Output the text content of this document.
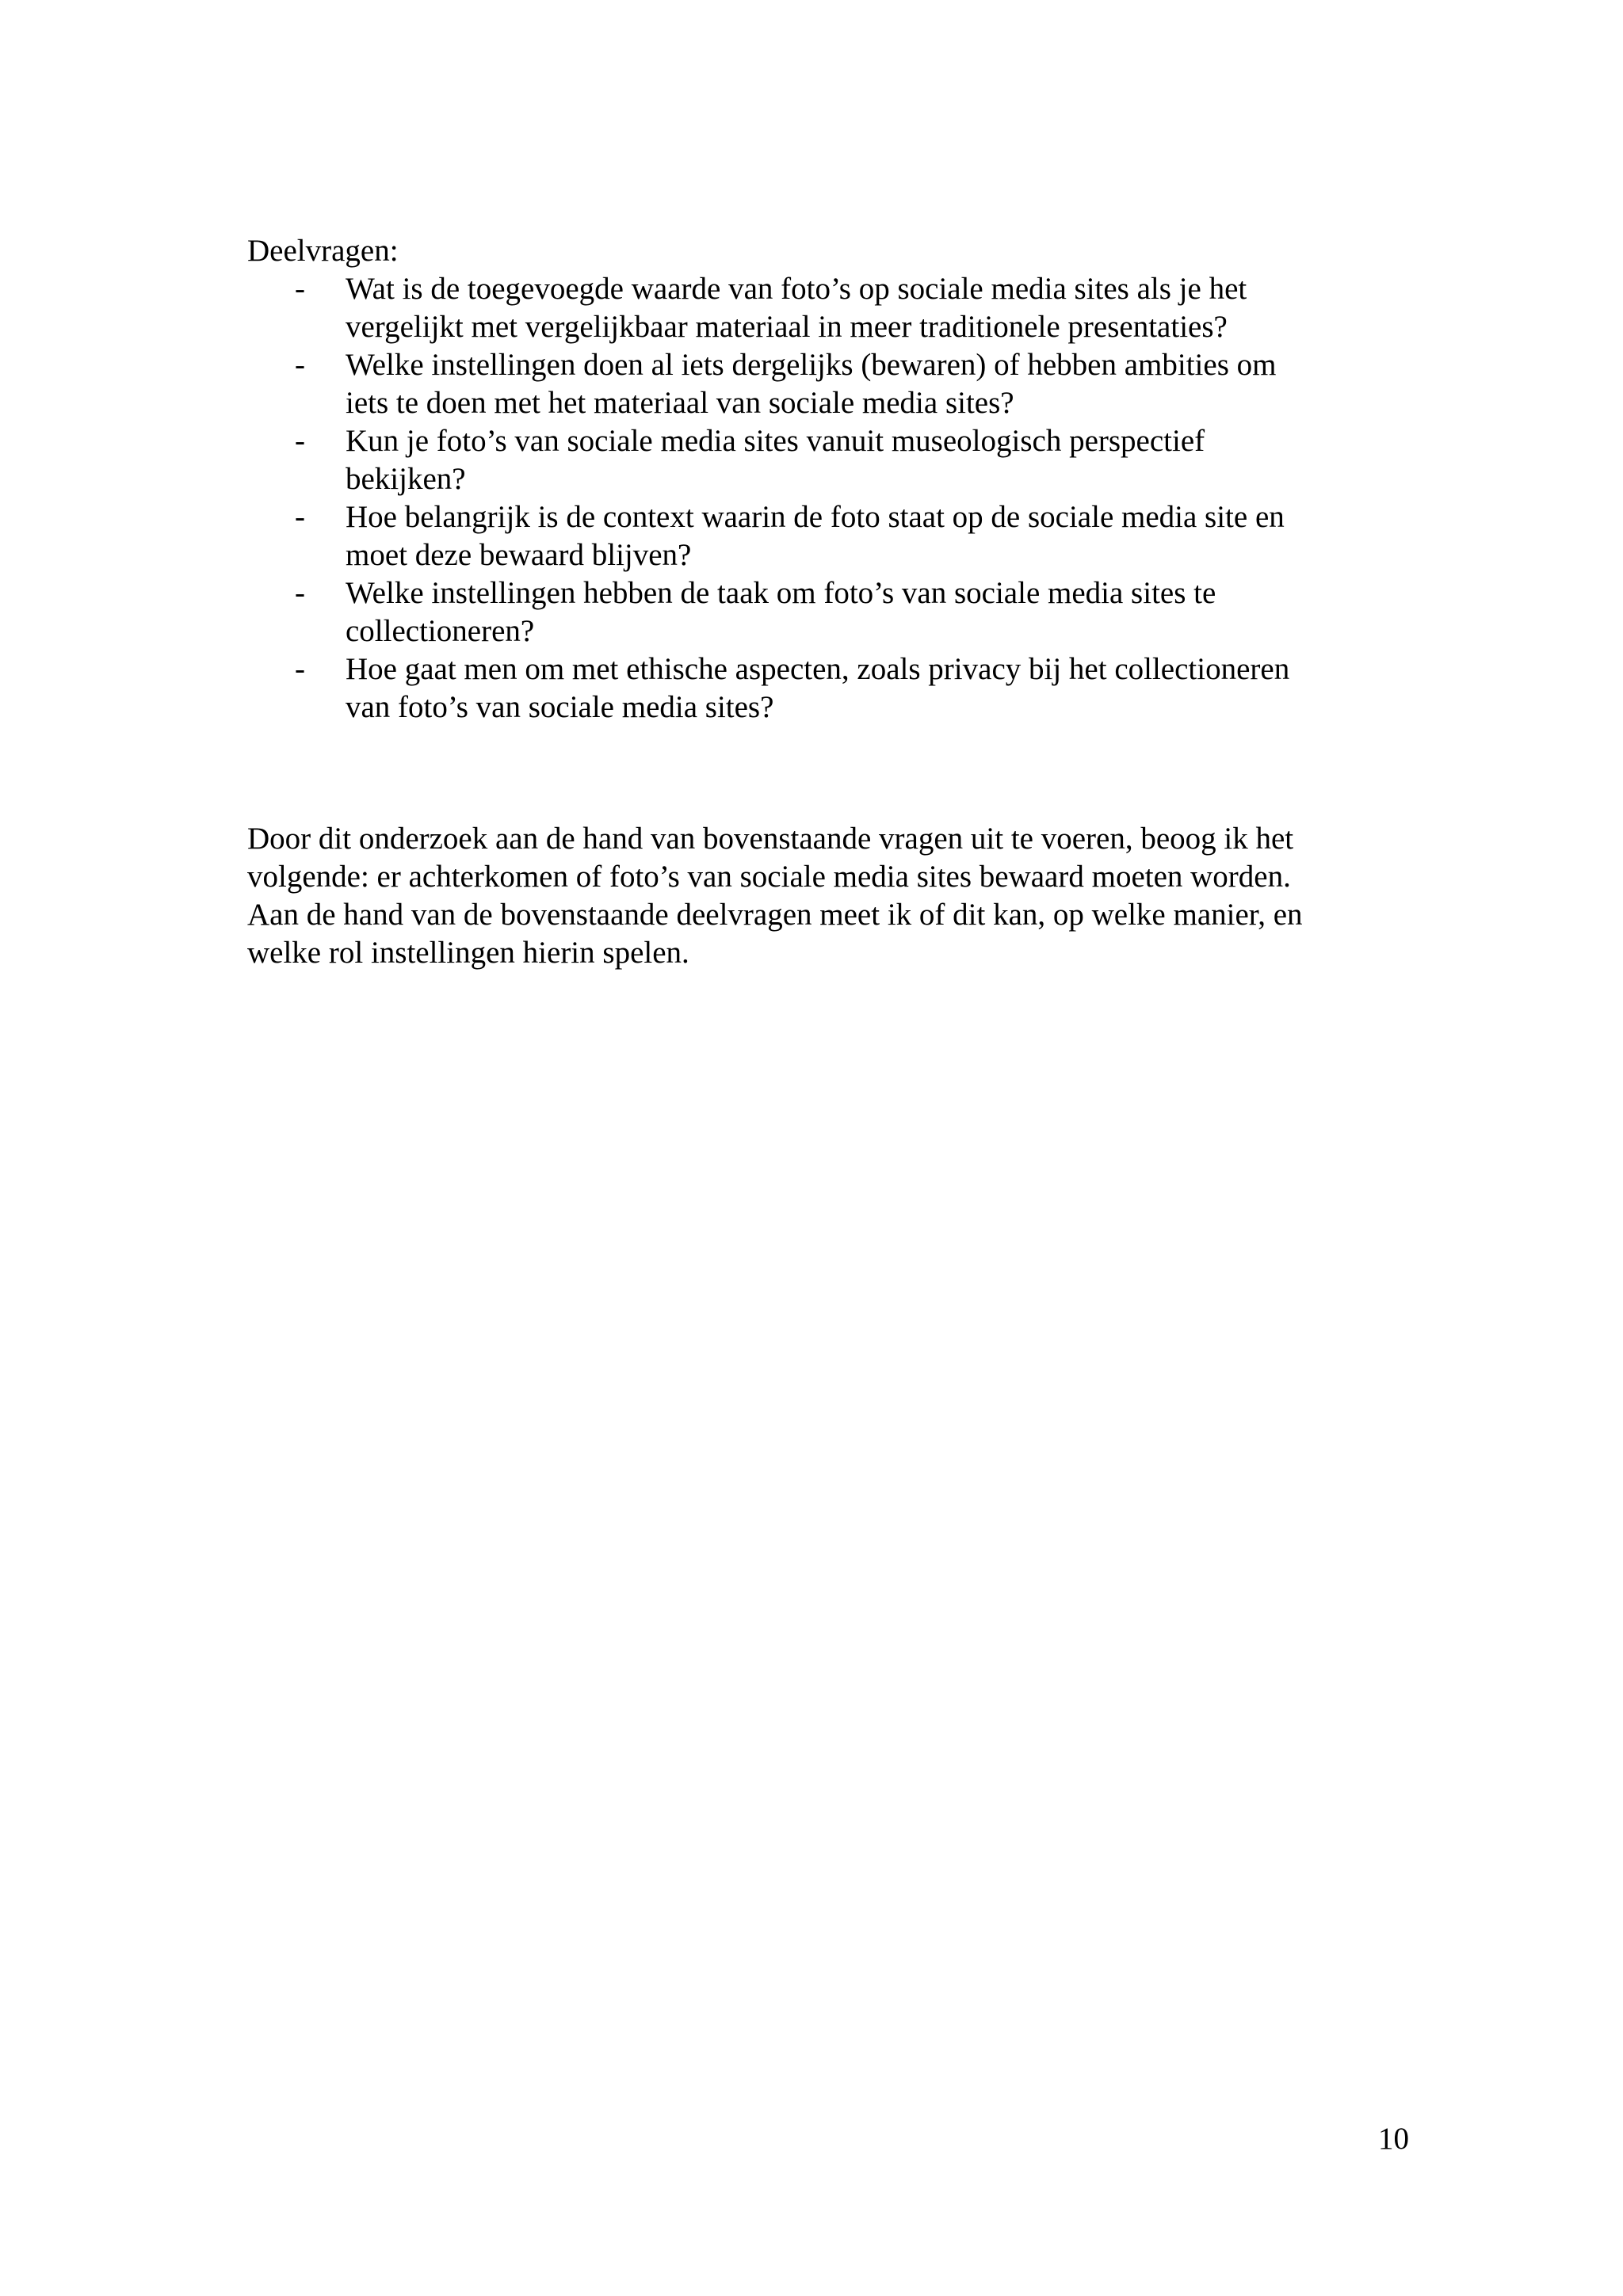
Deelvragen:

- Wat is de toegevoegde waarde van foto’s op sociale media sites als je het
vergelijkt met vergelijkbaar materiaal in meer traditionele presentaties?
- Welke instellingen doen al iets dergelijks (bewaren) of hebben ambities om
iets te doen met het materiaal van sociale media sites?
- Kun je foto’s van sociale media sites vanuit museologisch perspectief
bekijken?
- Hoe belangrijk is de context waarin de foto staat op de sociale media site en
moet deze bewaard blijven?
- Welke instellingen hebben de taak om foto’s van sociale media sites te
collectioneren?
- Hoe gaat men om met ethische aspecten, zoals privacy bij het collectioneren
van foto’s van sociale media sites?

Door dit onderzoek aan de hand van bovenstaande vragen uit te voeren, beoog ik het
volgende: er achterkomen of foto’s van sociale media sites bewaard moeten worden.
Aan de hand van de bovenstaande deelvragen meet ik of dit kan, op welke manier, en
welke rol instellingen hierin spelen.

10
